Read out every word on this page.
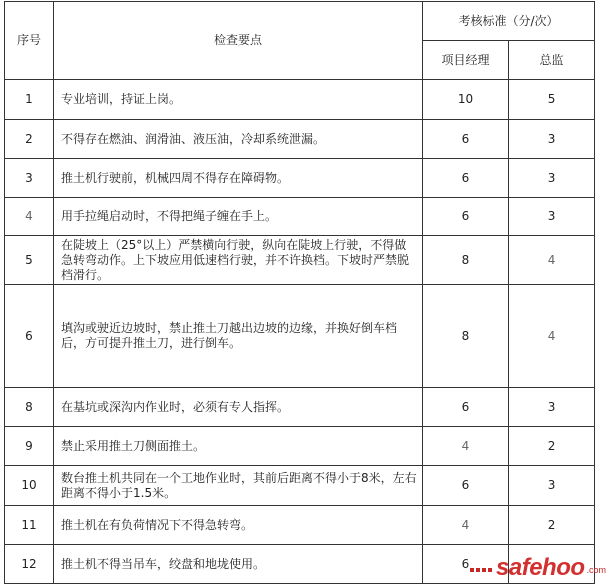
序号	检查要点	考核标准（分/次）	
		项目经理	总监
1	专业培训，持证上岗。	10	5
2	不得存在燃油、润滑油、液压油，冷却系统泄漏。	6	3
3	推土机行驶前，机械四周不得存在障碍物。	6	3
4	用手拉绳启动时，不得把绳子缠在手上。	6	3
5	在陡坡上（25°以上）严禁横向行驶，纵向在陡坡上行驶，不得做急转弯动作。上下坡应用低速档行驶，并不许换档。下坡时严禁脱档滑行。	8	4
6	填沟或驶近边坡时，禁止推土刀越出边坡的边缘，并换好倒车档后，方可提升推土刀，进行倒车。	8	4
8	在基坑或深沟内作业时，必须有专人指挥。	6	3
9	禁止采用推土刀侧面推土。	4	2
10	数台推土机共同在一个工地作业时，其前后距离不得小于8米，左右距离不得小于1.5米。	6	3
11	推土机在有负荷情况下不得急转弯。	4	2
12	推土机不得当吊车，绞盘和地垅使用。	6	safehoo .com
